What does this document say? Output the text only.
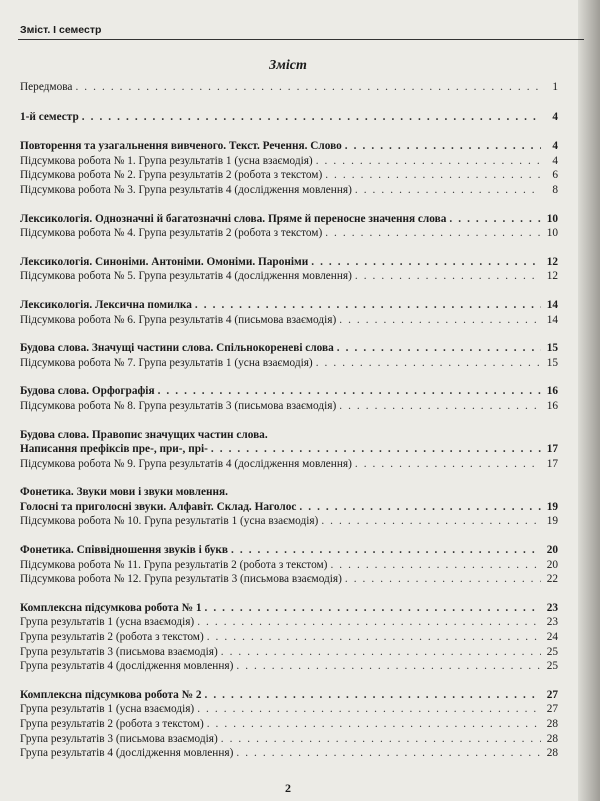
Зміст. І семестр
Зміст
Передмова . . .	1
1-й семестр . . .	4
Повторення та узагальнення вивченого. Текст. Речення. Слово . . .	4
Підсумкова робота № 1. Група результатів 1 (усна взаємодія) . . .	4
Підсумкова робота № 2. Група результатів 2 (робота з текстом) . . .	6
Підсумкова робота № 3. Група результатів 4 (дослідження мовлення) . . .	8
Лексикологія. Однозначні й багатозначні слова. Пряме й переносне значення слова . . .	10
Підсумкова робота № 4. Група результатів 2 (робота з текстом) . . .	10
Лексикологія. Синоніми. Антоніми. Омоніми. Пароніми . . .	12
Підсумкова робота № 5. Група результатів 4 (дослідження мовлення) . . .	12
Лексикологія. Лексична помилка . . .	14
Підсумкова робота № 6. Група результатів 4 (письмова взаємодія) . . .	14
Будова слова. Значущі частини слова. Спільнокореневі слова . . .	15
Підсумкова робота № 7. Група результатів 1 (усна взаємодія) . . .	15
Будова слова. Орфографія . . .	16
Підсумкова робота № 8. Група результатів 3 (письмова взаємодія) . . .	16
Будова слова. Правопис значущих частин слова.
Написання префіксів пре-, при-, прі- . . .	17
Підсумкова робота № 9. Група результатів 4 (дослідження мовлення) . . .	17
Фонетика. Звуки мови і звуки мовлення.
Голосні та приголосні звуки. Алфавіт. Склад. Наголос . . .	19
Підсумкова робота № 10. Група результатів 1 (усна взаємодія) . . .	19
Фонетика. Співвідношення звуків і букв . . .	20
Підсумкова робота № 11. Група результатів 2 (робота з текстом) . . .	20
Підсумкова робота № 12. Група результатів 3 (письмова взаємодія) . . .	22
Комплексна підсумкова робота № 1 . . .	23
Група результатів 1 (усна взаємодія) . . .	23
Група результатів 2 (робота з текстом) . . .	24
Група результатів 3 (письмова взаємодія) . . .	25
Група результатів 4 (дослідження мовлення) . . .	25
Комплексна підсумкова робота № 2 . . .	27
Група результатів 1 (усна взаємодія) . . .	27
Група результатів 2 (робота з текстом) . . .	28
Група результатів 3 (письмова взаємодія) . . .	28
Група результатів 4 (дослідження мовлення) . . .	28
2
